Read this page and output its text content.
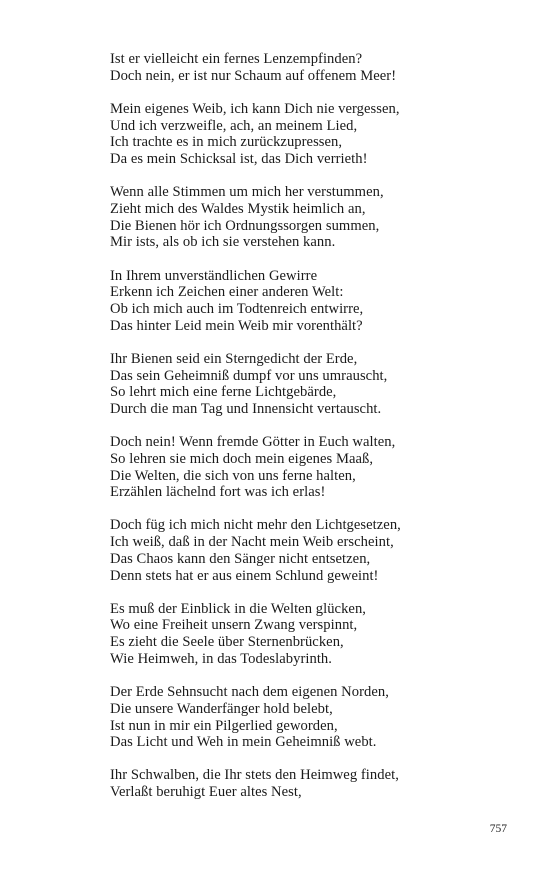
Ist er vielleicht ein fernes Lenzempfinden?
Doch nein, er ist nur Schaum auf offenem Meer!
Mein eigenes Weib, ich kann Dich nie vergessen,
Und ich verzweifle, ach, an meinem Lied,
Ich trachte es in mich zurückzupressen,
Da es mein Schicksal ist, das Dich verrieth!
Wenn alle Stimmen um mich her verstummen,
Zieht mich des Waldes Mystik heimlich an,
Die Bienen hör ich Ordnungssorgen summen,
Mir ists, als ob ich sie verstehen kann.
In Ihrem unverständlichen Gewirre
Erkenn ich Zeichen einer anderen Welt:
Ob ich mich auch im Todtenreich entwirre,
Das hinter Leid mein Weib mir vorenthält?
Ihr Bienen seid ein Sterngedicht der Erde,
Das sein Geheimniß dumpf vor uns umrauscht,
So lehrt mich eine ferne Lichtgebärde,
Durch die man Tag und Innensicht vertauscht.
Doch nein! Wenn fremde Götter in Euch walten,
So lehren sie mich doch mein eigenes Maaß,
Die Welten, die sich von uns ferne halten,
Erzählen lächelnd fort was ich erlas!
Doch füg ich mich nicht mehr den Lichtgesetzen,
Ich weiß, daß in der Nacht mein Weib erscheint,
Das Chaos kann den Sänger nicht entsetzen,
Denn stets hat er aus einem Schlund geweint!
Es muß der Einblick in die Welten glücken,
Wo eine Freiheit unsern Zwang verspinnt,
Es zieht die Seele über Sternenbrücken,
Wie Heimweh, in das Todeslabyrinth.
Der Erde Sehnsucht nach dem eigenen Norden,
Die unsere Wanderfänger hold belebt,
Ist nun in mir ein Pilgerlied geworden,
Das Licht und Weh in mein Geheimniß webt.
Ihr Schwalben, die Ihr stets den Heimweg findet,
Verlaßt beruhigt Euer altes Nest,
757
